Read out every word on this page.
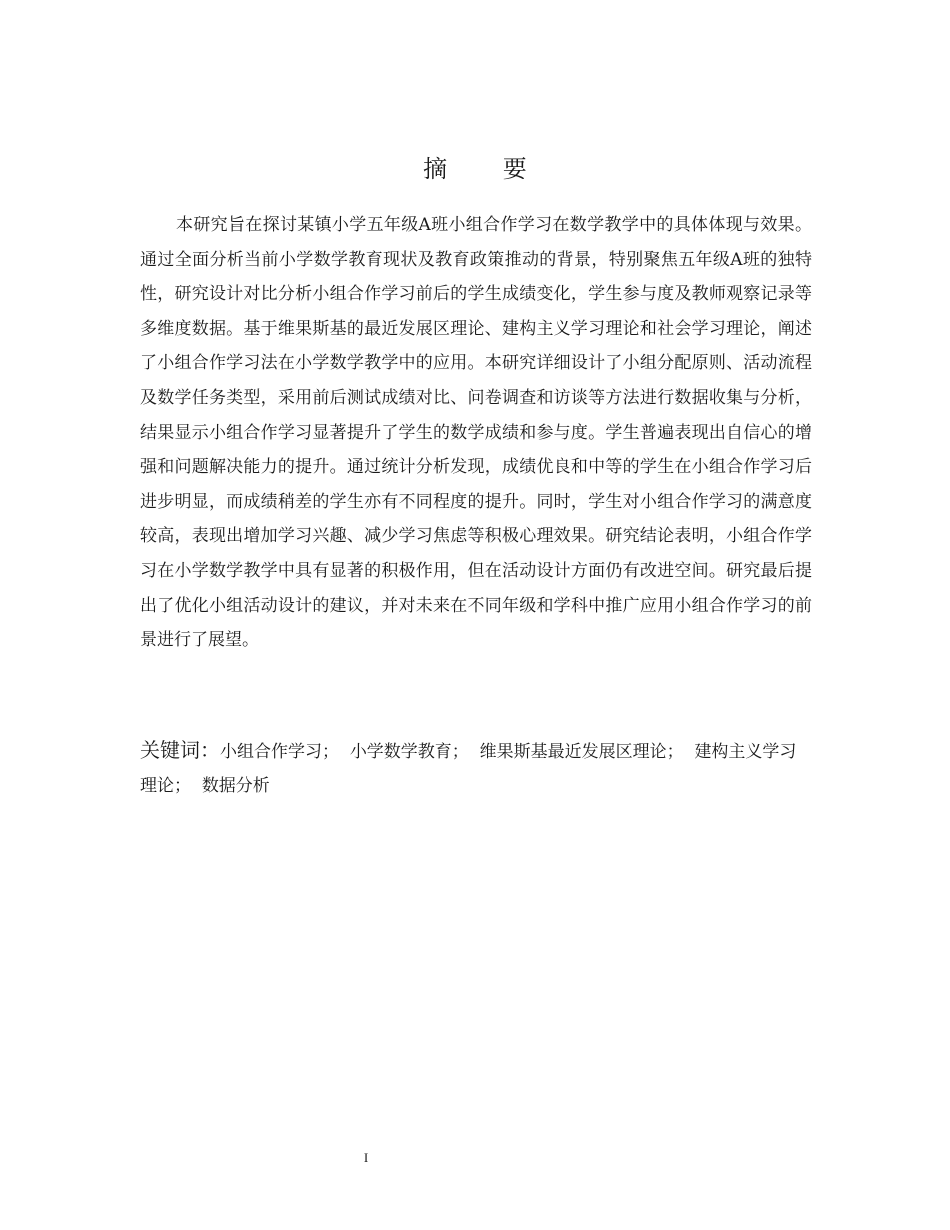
摘 要

本研究旨在探讨某镇小学五年级A班小组合作学习在数学教学中的具体体现与效果。通过全面分析当前小学数学教育现状及教育政策推动的背景，特别聚焦五年级A班的独特性，研究设计对比分析小组合作学习前后的学生成绩变化，学生参与度及教师观察记录等多维度数据。基于维果斯基的最近发展区理论、建构主义学习理论和社会学习理论，阐述了小组合作学习法在小学数学教学中的应用。本研究详细设计了小组分配原则、活动流程及数学任务类型，采用前后测试成绩对比、问卷调查和访谈等方法进行数据收集与分析，结果显示小组合作学习显著提升了学生的数学成绩和参与度。学生普遍表现出自信心的增强和问题解决能力的提升。通过统计分析发现，成绩优良和中等的学生在小组合作学习后进步明显，而成绩稍差的学生亦有不同程度的提升。同时，学生对小组合作学习的满意度较高，表现出增加学习兴趣、减少学习焦虑等积极心理效果。研究结论表明，小组合作学习在小学数学教学中具有显著的积极作用，但在活动设计方面仍有改进空间。研究最后提出了优化小组活动设计的建议，并对未来在不同年级和学科中推广应用小组合作学习的前景进行了展望。

关键词：小组合作学习； 小学数学教育； 维果斯基最近发展区理论； 建构主义学习理论； 数据分析
I
